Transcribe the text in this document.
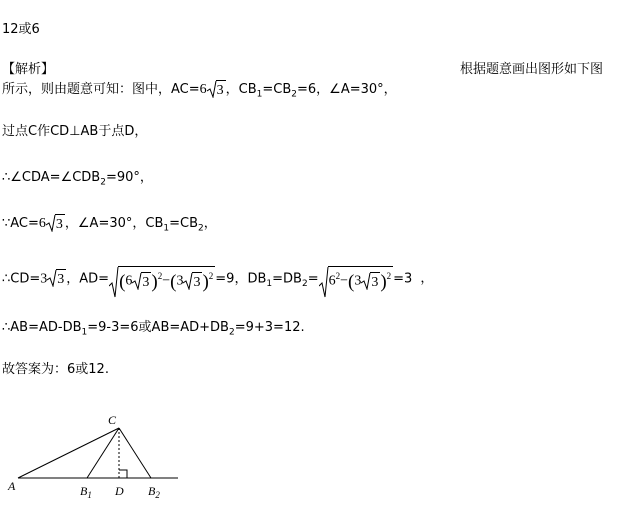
12或6
【解析】	根据题意画出图形如下图
所示，则由题意可知：图中，AC=6 3 ，$CB_1=CB_2=6$，∠A=30°，
过点C作CD⊥AB于点D，
$\therefore\angle CDA=\angle CDB_2=90^\circ$，
∵AC=6 3 ，∠A=30°，$CB_1=CB_2$，
∴CD=3 3 ，AD= (6 3 )$^2$−(3 3 )$^2$ =9，$DB_1=DB_2= 6^2-(3$ 3 )$^2$ =3 ，
$\therefore AB=AD-DB_1=9-3=6$或$AB=AD+DB_2=9+3=12$.
故答案为：6或12.
C
A	$B_1$ D $B_2$
